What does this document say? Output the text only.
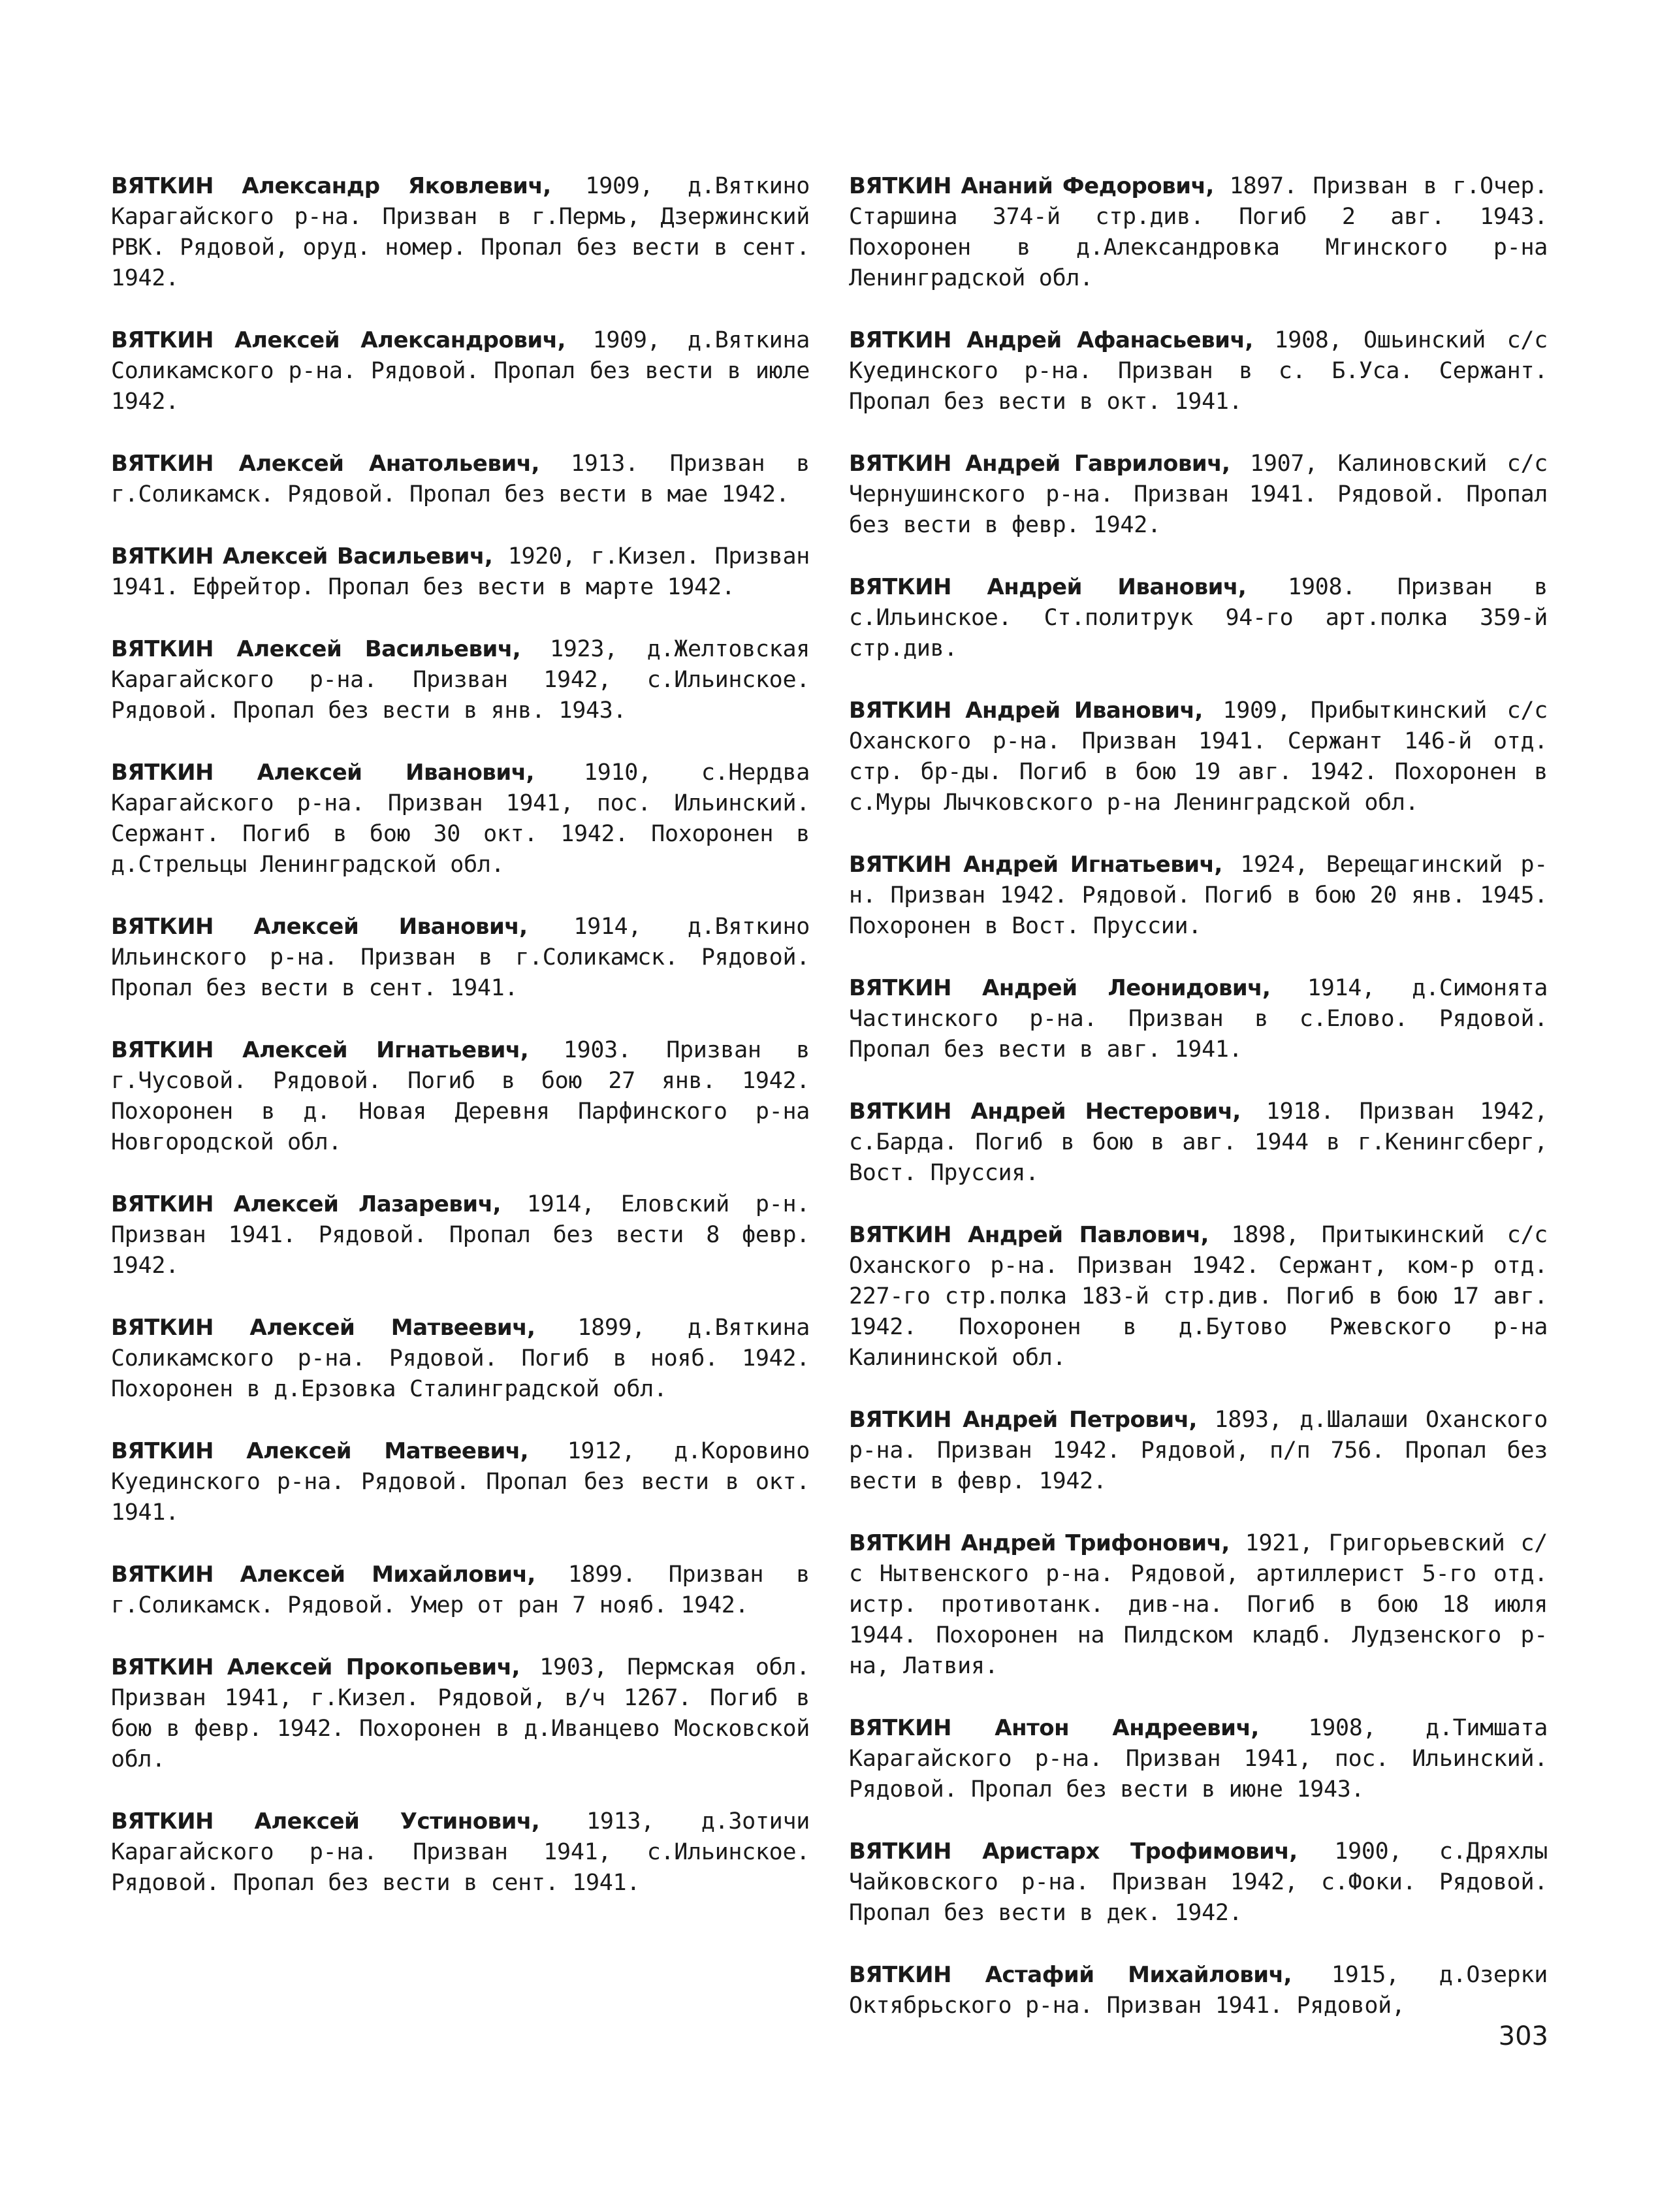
ВЯТКИН Александр Яковлевич, 1909, д.Вяткино Карагайского р-на. Призван в г.Пермь, Дзержинский РВК. Рядовой, оруд. номер. Пропал без вести в сент. 1942.

ВЯТКИН Алексей Александрович, 1909, д.Вяткина Соликамского р-на. Рядовой. Пропал без вести в июле 1942.

ВЯТКИН Алексей Анатольевич, 1913. Призван в г.Соликамск. Рядовой. Пропал без вести в мае 1942.

ВЯТКИН Алексей Васильевич, 1920, г.Кизел. Призван 1941. Ефрейтор. Пропал без вести в марте 1942.

ВЯТКИН Алексей Васильевич, 1923, д.Желтовская Карагайского р-на. Призван 1942, с.Ильинское. Рядовой. Пропал без вести в янв. 1943.

ВЯТКИН Алексей Иванович, 1910, с.Нердва Карагайского р-на. Призван 1941, пос. Ильинский. Сержант. Погиб в бою 30 окт. 1942. Похоронен в д.Стрельцы Ленинградской обл.

ВЯТКИН Алексей Иванович, 1914, д.Вяткино Ильинского р-на. Призван в г.Соликамск. Рядовой. Пропал без вести в сент. 1941.

ВЯТКИН Алексей Игнатьевич, 1903. Призван в г.Чусовой. Рядовой. Погиб в бою 27 янв. 1942. Похоронен в д. Новая Деревня Парфинского р-на Новгородской обл.

ВЯТКИН Алексей Лазаревич, 1914, Еловский р-н. Призван 1941. Рядовой. Пропал без вести 8 февр. 1942.

ВЯТКИН Алексей Матвеевич, 1899, д.Вяткина Соликамского р-на. Рядовой. Погиб в нояб. 1942. Похоронен в д.Ерзовка Сталинградской обл.

ВЯТКИН Алексей Матвеевич, 1912, д.Коровино Куединского р-на. Рядовой. Пропал без вести в окт. 1941.

ВЯТКИН Алексей Михайлович, 1899. Призван в г.Соликамск. Рядовой. Умер от ран 7 нояб. 1942.

ВЯТКИН Алексей Прокопьевич, 1903, Пермская обл. Призван 1941, г.Кизел. Рядовой, в/ч 1267. Погиб в бою в февр. 1942. Похоронен в д.Иванцево Московской обл.

ВЯТКИН Алексей Устинович, 1913, д.Зотичи Карагайского р-на. Призван 1941, с.Ильинское. Рядовой. Пропал без вести в сент. 1941.

ВЯТКИН Ананий Федорович, 1897. Призван в г.Очер. Старшина 374-й стр.див. Погиб 2 авг. 1943. Похоронен в д.Александровка Мгинского р-на Ленинградской обл.

ВЯТКИН Андрей Афанасьевич, 1908, Ошьинский с/с Куединского р-на. Призван в с. Б.Уса. Сержант. Пропал без вести в окт. 1941.

ВЯТКИН Андрей Гаврилович, 1907, Калиновский с/с Чернушинского р-на. Призван 1941. Рядовой. Пропал без вести в февр. 1942.

ВЯТКИН Андрей Иванович, 1908. Призван в с.Ильинское. Ст.политрук 94-го арт.полка 359-й стр.див.

ВЯТКИН Андрей Иванович, 1909, Прибыткинский с/с Оханского р-на. Призван 1941. Сержант 146-й отд. стр. бр-ды. Погиб в бою 19 авг. 1942. Похоронен в с.Муры Лычковского р-на Ленинградской обл.

ВЯТКИН Андрей Игнатьевич, 1924, Верещагинский р-н. Призван 1942. Рядовой. Погиб в бою 20 янв. 1945. Похоронен в Вост. Пруссии.

ВЯТКИН Андрей Леонидович, 1914, д.Симонята Частинского р-на. Призван в с.Елово. Рядовой. Пропал без вести в авг. 1941.

ВЯТКИН Андрей Нестерович, 1918. Призван 1942, с.Барда. Погиб в бою в авг. 1944 в г.Кенингсберг, Вост. Пруссия.

ВЯТКИН Андрей Павлович, 1898, Притыкинский с/с Оханского р-на. Призван 1942. Сержант, ком-р отд. 227-го стр.полка 183-й стр.див. Погиб в бою 17 авг. 1942. Похоронен в д.Бутово Ржевского р-на Калининской обл.

ВЯТКИН Андрей Петрович, 1893, д.Шалаши Оханского р-на. Призван 1942. Рядовой, п/п 756. Пропал без вести в февр. 1942.

ВЯТКИН Андрей Трифонович, 1921, Григорьевский с/с Нытвенского р-на. Рядовой, артиллерист 5-го отд. истр. противотанк. див-на. Погиб в бою 18 июля 1944. Похоронен на Пилдском кладб. Лудзенского р-на, Латвия.

ВЯТКИН Антон Андреевич, 1908, д.Тимшата Карагайского р-на. Призван 1941, пос. Ильинский. Рядовой. Пропал без вести в июне 1943.

ВЯТКИН Аристарх Трофимович, 1900, с.Дряхлы Чайковского р-на. Призван 1942, с.Фоки. Рядовой. Пропал без вести в дек. 1942.

ВЯТКИН Астафий Михайлович, 1915, д.Озерки Октябрьского р-на. Призван 1941. Рядовой,

303
